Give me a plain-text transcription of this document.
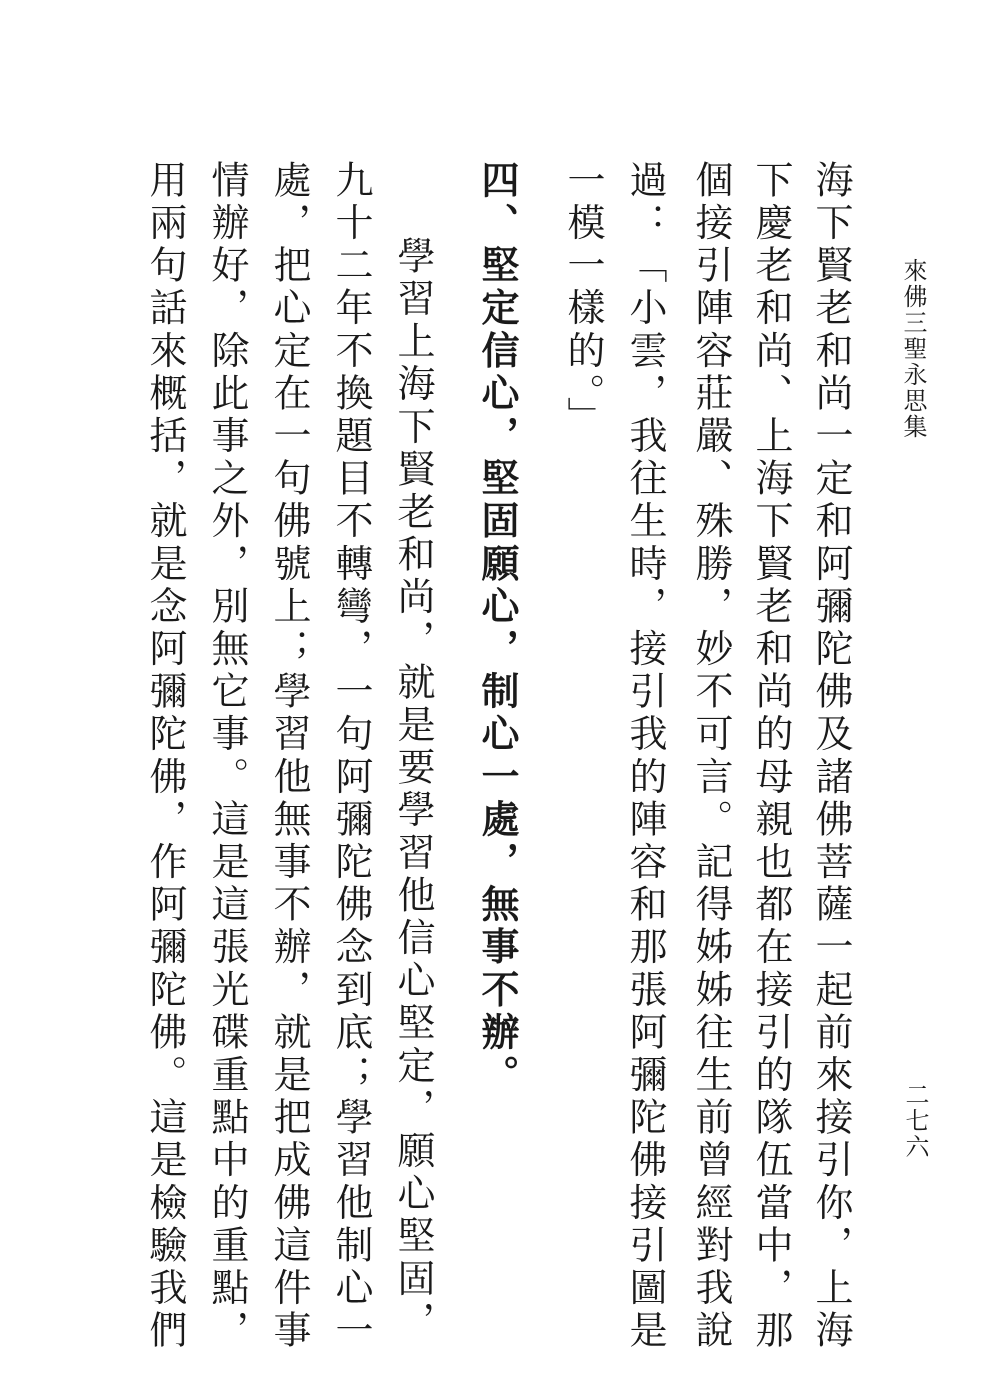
來佛三聖永思集
二七六
海下賢老和尚一定和阿彌陀佛及諸佛菩薩一起前來接引你，上海
下慶老和尚、上海下賢老和尚的母親也都在接引的隊伍當中，那
個接引陣容莊嚴、殊勝，妙不可言。記得姊姊往生前曾經對我說
過：「小雲，我往生時，接引我的陣容和那張阿彌陀佛接引圖是
一模一樣的。」
四、堅定信心，堅固願心，制心一處，無事不辦。
學習上海下賢老和尚，就是要學習他信心堅定，願心堅固，
九十二年不換題目不轉彎，一句阿彌陀佛念到底；學習他制心一
處，把心定在一句佛號上；學習他無事不辦，就是把成佛這件事
情辦好，除此事之外，別無它事。這是這張光碟重點中的重點，
用兩句話來概括，就是念阿彌陀佛，作阿彌陀佛。這是檢驗我們
